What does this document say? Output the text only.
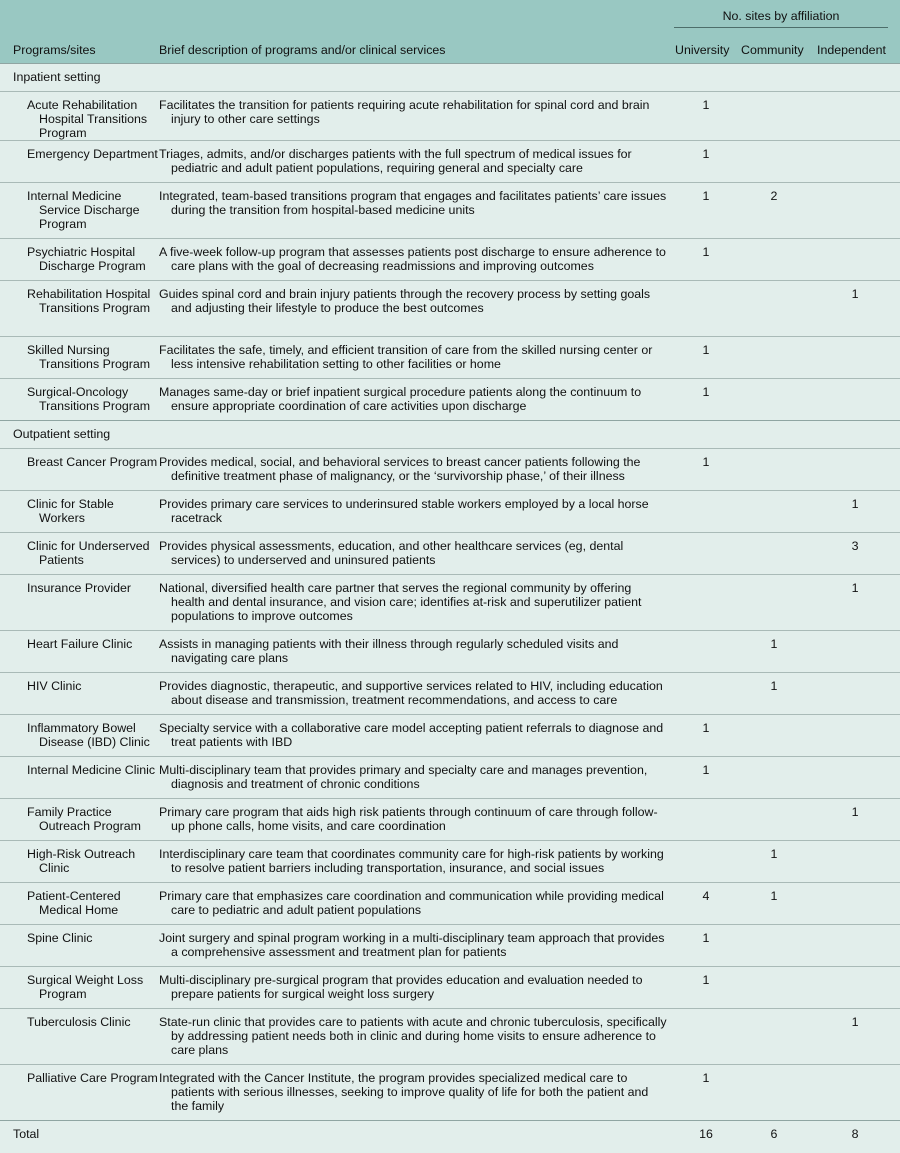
No. sites by affiliation
Programs/sites	Brief description of programs and/or clinical services	University Community Independent
Inpatient setting				

Acute Rehabilitation Hospital Transitions Program	Facilitates the transition for patients requiring acute rehabilitation for spinal cord and brain injury to other care settings	1		

Emergency Department	Triages, admits, and/or discharges patients with the full spectrum of medical issues for pediatric and adult patient populations, requiring general and specialty care	1		

Internal Medicine Service Discharge Program	Integrated, team-based transitions program that engages and facilitates patients’ care issues during the transition from hospital-based medicine units	1	2	

Psychiatric Hospital Discharge Program	A five-week follow-up program that assesses patients post discharge to ensure adherence to care plans with the goal of decreasing readmissions and improving outcomes	1		

Rehabilitation Hospital Transitions Program	Guides spinal cord and brain injury patients through the recovery process by setting goals and adjusting their lifestyle to produce the best outcomes			1

Skilled Nursing Transitions Program	Facilitates the safe, timely, and efficient transition of care from the skilled nursing center or less intensive rehabilitation setting to other facilities or home	1		

Surgical-Oncology Transitions Program	Manages same-day or brief inpatient surgical procedure patients along the continuum to ensure appropriate coordination of care activities upon discharge	1		
Outpatient setting				

Breast Cancer Program	Provides medical, social, and behavioral services to breast cancer patients following the definitive treatment phase of malignancy, or the ‘survivorship phase,’ of their illness	1		

Clinic for Stable Workers	Provides primary care services to underinsured stable workers employed by a local horse racetrack			1

Clinic for Underserved Patients	Provides physical assessments, education, and other healthcare services (eg, dental services) to underserved and uninsured patients			3

Insurance Provider	National, diversified health care partner that serves the regional community by offering health and dental insurance, and vision care; identifies at-risk and superutilizer patient populations to improve outcomes			1

Heart Failure Clinic	Assists in managing patients with their illness through regularly scheduled visits and navigating care plans		1	

HIV Clinic	Provides diagnostic, therapeutic, and supportive services related to HIV, including education about disease and transmission, treatment recommendations, and access to care		1	

Inflammatory Bowel Disease (IBD) Clinic	Specialty service with a collaborative care model accepting patient referrals to diagnose and treat patients with IBD	1		

Internal Medicine Clinic	Multi-disciplinary team that provides primary and specialty care and manages prevention, diagnosis and treatment of chronic conditions	1		

Family Practice Outreach Program	Primary care program that aids high risk patients through continuum of care through follow-up phone calls, home visits, and care coordination			1

High-Risk Outreach Clinic	Interdisciplinary care team that coordinates community care for high-risk patients by working to resolve patient barriers including transportation, insurance, and social issues		1	

Patient-Centered Medical Home	Primary care that emphasizes care coordination and communication while providing medical care to pediatric and adult patient populations	4	1	

Spine Clinic	Joint surgery and spinal program working in a multi-disciplinary team approach that provides a comprehensive assessment and treatment plan for patients	1		

Surgical Weight Loss Program	Multi-disciplinary pre-surgical program that provides education and evaluation needed to prepare patients for surgical weight loss surgery	1		

Tuberculosis Clinic	State-run clinic that provides care to patients with acute and chronic tuberculosis, specifically by addressing patient needs both in clinic and during home visits to ensure adherence to care plans			1

Palliative Care Program	Integrated with the Cancer Institute, the program provides specialized medical care to patients with serious illnesses, seeking to improve quality of life for both the patient and the family	1		
Total		16	6	8
